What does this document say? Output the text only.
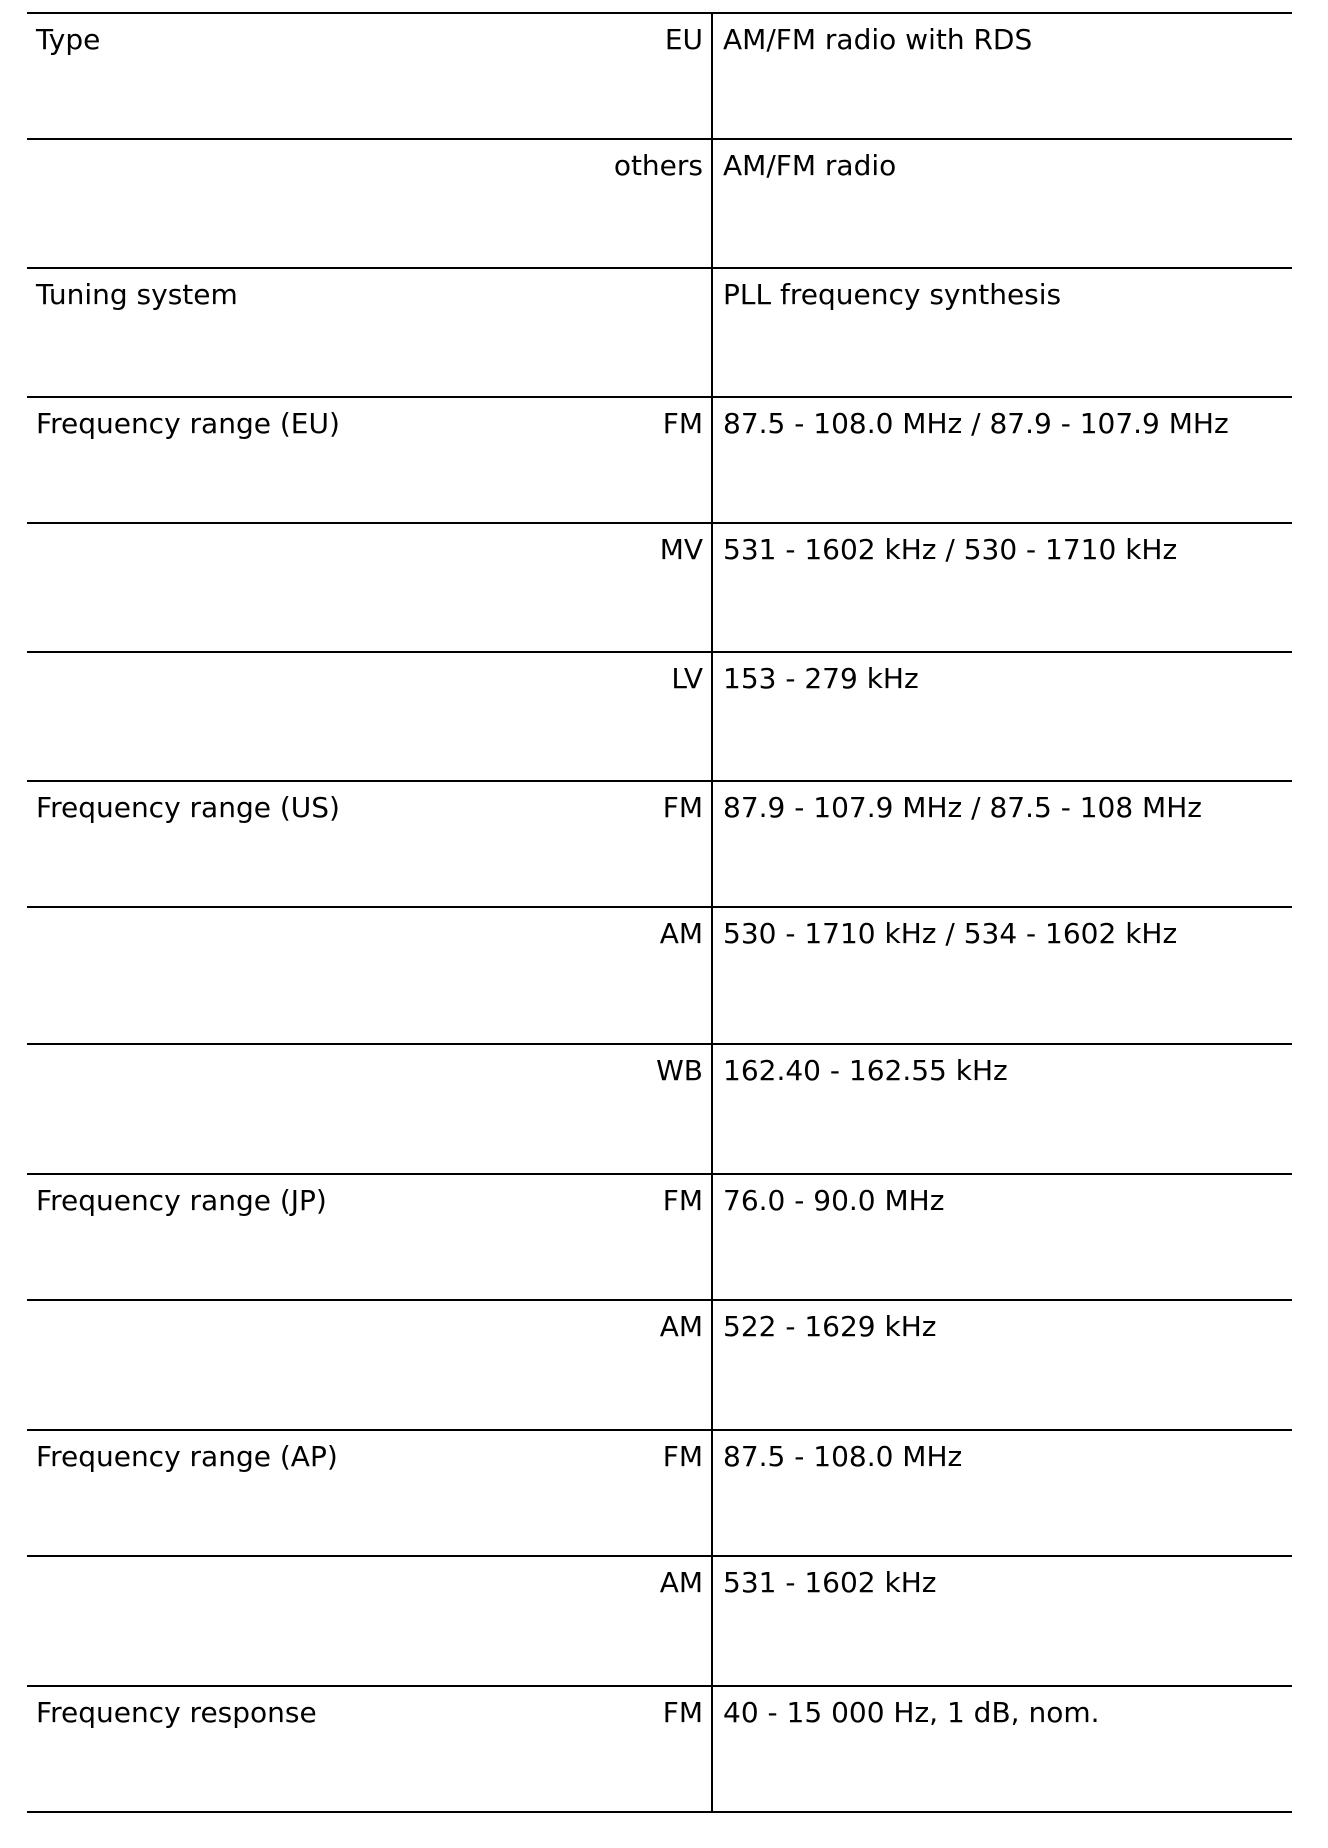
Type	EU	AM/FM radio with RDS

	others	AM/FM radio

Tuning system		PLL frequency synthesis

Frequency range (EU)	FM	87.5 - 108.0 MHz / 87.9 - 107.9 MHz

	MV	531 - 1602 kHz / 530 - 1710 kHz

	LV	153 - 279 kHz

Frequency range (US)	FM	87.9 - 107.9 MHz / 87.5 - 108 MHz

	AM	530 - 1710 kHz / 534 - 1602 kHz

	WB	162.40 - 162.55 kHz

Frequency range (JP)	FM	76.0 - 90.0 MHz

	AM	522 - 1629 kHz

Frequency range (AP)	FM	87.5 - 108.0 MHz

	AM	531 - 1602 kHz

Frequency response	FM	40 - 15 000 Hz, 1 dB, nom.
